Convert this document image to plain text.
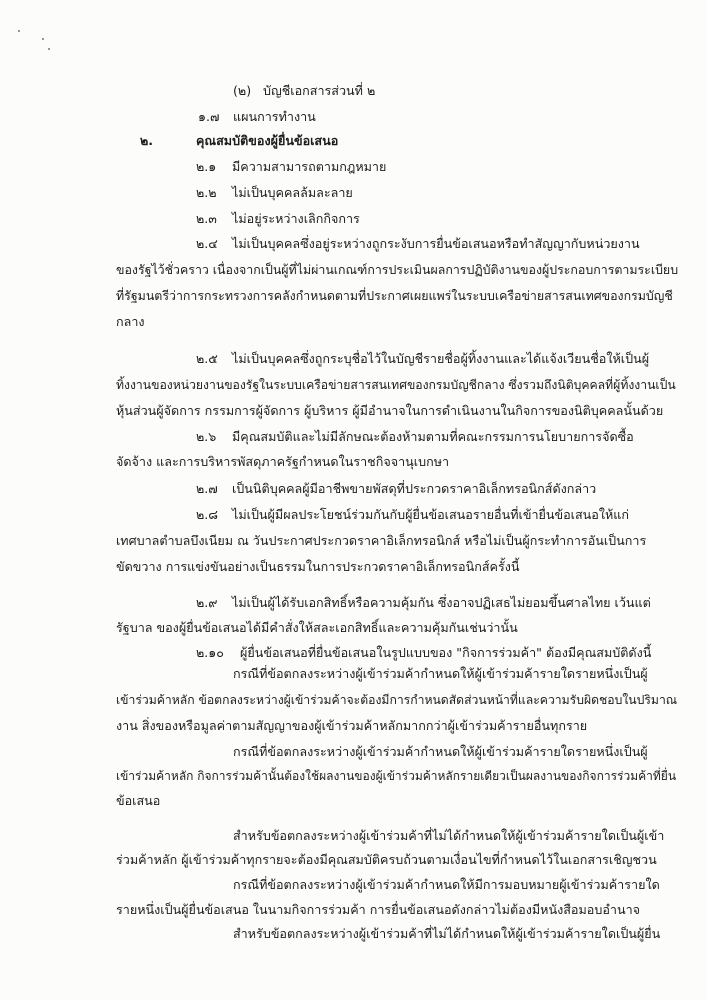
(๒) บัญชีเอกสารส่วนที่ ๒
๑.๗ แผนการทำงาน
๒.	คุณสมบัติของผู้ยื่นข้อเสนอ
๒.๑ มีความสามารถตามกฎหมาย
๒.๒ ไม่เป็นบุคคลล้มละลาย
๒.๓ ไม่อยู่ระหว่างเลิกกิจการ
๒.๔ ไม่เป็นบุคคลซึ่งอยู่ระหว่างถูกระงับการยื่นข้อเสนอหรือทำสัญญากับหน่วยงาน
ของรัฐไว้ชั่วคราว เนื่องจากเป็นผู้ที่ไม่ผ่านเกณฑ์การประเมินผลการปฏิบัติงานของผู้ประกอบการตามระเบียบ
ที่รัฐมนตรีว่าการกระทรวงการคลังกำหนดตามที่ประกาศเผยแพร่ในระบบเครือข่ายสารสนเทศของกรมบัญชี
กลาง
๒.๕ ไม่เป็นบุคคลซึ่งถูกระบุชื่อไว้ในบัญชีรายชื่อผู้ทิ้งงานและได้แจ้งเวียนชื่อให้เป็นผู้
ทิ้งงานของหน่วยงานของรัฐในระบบเครือข่ายสารสนเทศของกรมบัญชีกลาง ซึ่งรวมถึงนิติบุคคลที่ผู้ทิ้งงานเป็น
หุ้นส่วนผู้จัดการ กรรมการผู้จัดการ ผู้บริหาร ผู้มีอำนาจในการดำเนินงานในกิจการของนิติบุคคลนั้นด้วย
๒.๖ มีคุณสมบัติและไม่มีลักษณะต้องห้ามตามที่คณะกรรมการนโยบายการจัดซื้อ
จัดจ้าง และการบริหารพัสดุภาครัฐกำหนดในราชกิจจานุเบกษา
๒.๗ เป็นนิติบุคคลผู้มีอาชีพขายพัสดุที่ประกวดราคาอิเล็กทรอนิกส์ดังกล่าว
๒.๘ ไม่เป็นผู้มีผลประโยชน์ร่วมกันกับผู้ยื่นข้อเสนอรายอื่นที่เข้ายื่นข้อเสนอให้แก่
เทศบาลตำบลบึงเนียม ณ วันประกาศประกวดราคาอิเล็กทรอนิกส์ หรือไม่เป็นผู้กระทำการอันเป็นการ
ขัดขวาง การแข่งขันอย่างเป็นธรรมในการประกวดราคาอิเล็กทรอนิกส์ครั้งนี้
๒.๙ ไม่เป็นผู้ได้รับเอกสิทธิ์หรือความคุ้มกัน ซึ่งอาจปฏิเสธไม่ยอมขึ้นศาลไทย เว้นแต่
รัฐบาล ของผู้ยื่นข้อเสนอได้มีคำสั่งให้สละเอกสิทธิ์และความคุ้มกันเช่นว่านั้น
๒.๑๐ ผู้ยื่นข้อเสนอที่ยื่นข้อเสนอในรูปแบบของ "กิจการร่วมค้า" ต้องมีคุณสมบัติดังนี้
กรณีที่ข้อตกลงระหว่างผู้เข้าร่วมค้ากำหนดให้ผู้เข้าร่วมค้ารายใดรายหนึ่งเป็นผู้
เข้าร่วมค้าหลัก ข้อตกลงระหว่างผู้เข้าร่วมค้าจะต้องมีการกำหนดสัดส่วนหน้าที่และความรับผิดชอบในปริมาณ
งาน สิ่งของหรือมูลค่าตามสัญญาของผู้เข้าร่วมค้าหลักมากกว่าผู้เข้าร่วมค้ารายอื่นทุกราย
กรณีที่ข้อตกลงระหว่างผู้เข้าร่วมค้ากำหนดให้ผู้เข้าร่วมค้ารายใดรายหนึ่งเป็นผู้
เข้าร่วมค้าหลัก กิจการร่วมค้านั้นต้องใช้ผลงานของผู้เข้าร่วมค้าหลักรายเดียวเป็นผลงานของกิจการร่วมค้าที่ยื่น
ข้อเสนอ
สำหรับข้อตกลงระหว่างผู้เข้าร่วมค้าที่ไม่ได้กำหนดให้ผู้เข้าร่วมค้ารายใดเป็นผู้เข้า
ร่วมค้าหลัก ผู้เข้าร่วมค้าทุกรายจะต้องมีคุณสมบัติครบถ้วนตามเงื่อนไขที่กำหนดไว้ในเอกสารเชิญชวน
กรณีที่ข้อตกลงระหว่างผู้เข้าร่วมค้ากำหนดให้มีการมอบหมายผู้เข้าร่วมค้ารายใด
รายหนึ่งเป็นผู้ยื่นข้อเสนอ ในนามกิจการร่วมค้า การยื่นข้อเสนอดังกล่าวไม่ต้องมีหนังสือมอบอำนาจ
สำหรับข้อตกลงระหว่างผู้เข้าร่วมค้าที่ไม่ได้กำหนดให้ผู้เข้าร่วมค้ารายใดเป็นผู้ยื่น
